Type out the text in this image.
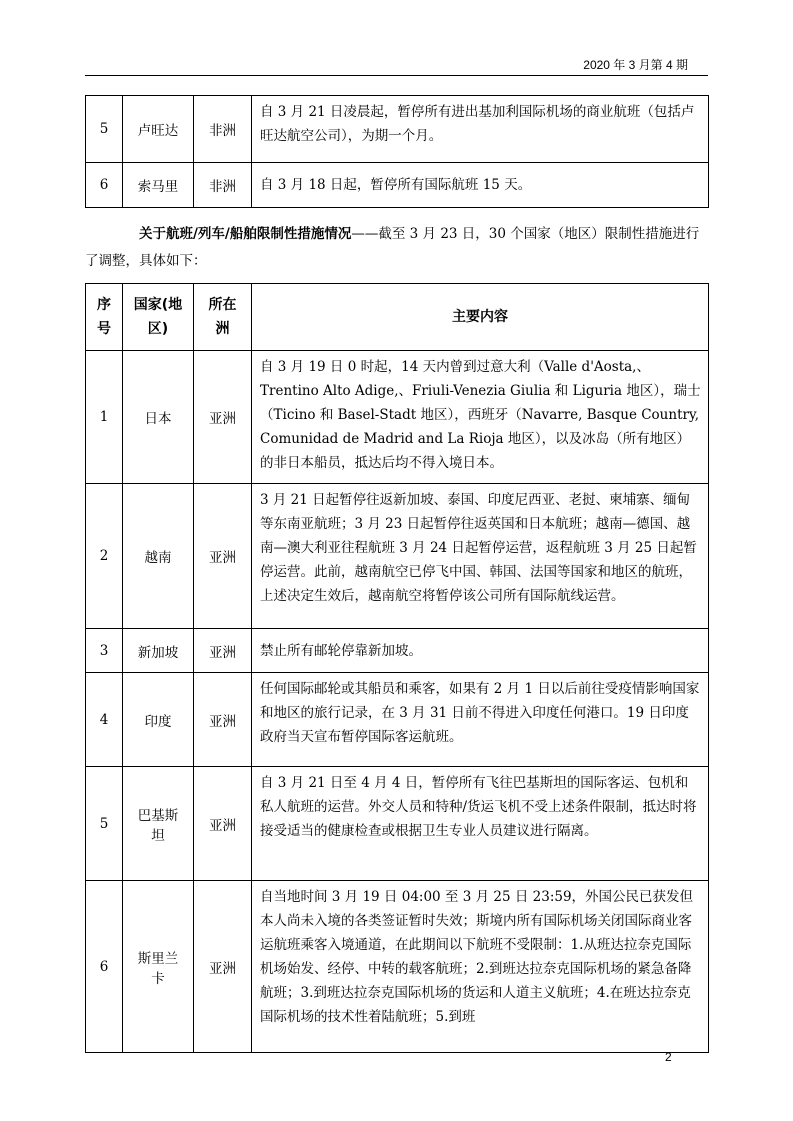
2020 年 3 月第 4 期
5	卢旺达	非洲	自 3 月 21 日凌晨起，暂停所有进出基加利国际机场的商业航班（包括卢旺达航空公司），为期一个月。
6	索马里	非洲	自 3 月 18 日起，暂停所有国际航班 15 天。
关于航班/列车/船舶限制性措施情况——截至 3 月 23 日，30 个国家（地区）限制性措施进行了调整，具体如下：
序号	国家(地区)	所在洲	主要内容
1	日本	亚洲	自 3 月 19 日 0 时起，14 天内曾到过意大利（Valle d'Aosta,、Trentino Alto Adige,、Friuli-Venezia Giulia 和 Liguria 地区），瑞士（Ticino 和 Basel-Stadt 地区），西班牙（Navarre, Basque Country, Comunidad de Madrid and La Rioja 地区），以及冰岛（所有地区）的非日本船员，抵达后均不得入境日本。
2	越南	亚洲	3 月 21 日起暂停往返新加坡、泰国、印度尼西亚、老挝、柬埔寨、缅甸等东南亚航班；3 月 23 日起暂停往返英国和日本航班；越南—德国、越南—澳大利亚往程航班 3 月 24 日起暂停运营，返程航班 3 月 25 日起暂停运营。此前，越南航空已停飞中国、韩国、法国等国家和地区的航班，上述决定生效后，越南航空将暂停该公司所有国际航线运营。
3	新加坡	亚洲	禁止所有邮轮停靠新加坡。
4	印度	亚洲	任何国际邮轮或其船员和乘客，如果有 2 月 1 日以后前往受疫情影响国家和地区的旅行记录，在 3 月 31 日前不得进入印度任何港口。19 日印度政府当天宣布暂停国际客运航班。
5	巴基斯坦	亚洲	自 3 月 21 日至 4 月 4 日，暂停所有飞往巴基斯坦的国际客运、包机和私人航班的运营。外交人员和特种/货运飞机不受上述条件限制，抵达时将接受适当的健康检查或根据卫生专业人员建议进行隔离。
6	斯里兰卡	亚洲	自当地时间 3 月 19 日 04:00 至 3 月 25 日 23:59，外国公民已获发但本人尚未入境的各类签证暂时失效；斯境内所有国际机场关闭国际商业客运航班乘客入境通道，在此期间以下航班不受限制：1.从班达拉奈克国际机场始发、经停、中转的载客航班；2.到班达拉奈克国际机场的紧急备降航班；3.到班达拉奈克国际机场的货运和人道主义航班；4.在班达拉奈克国际机场的技术性着陆航班；5.到班
2
